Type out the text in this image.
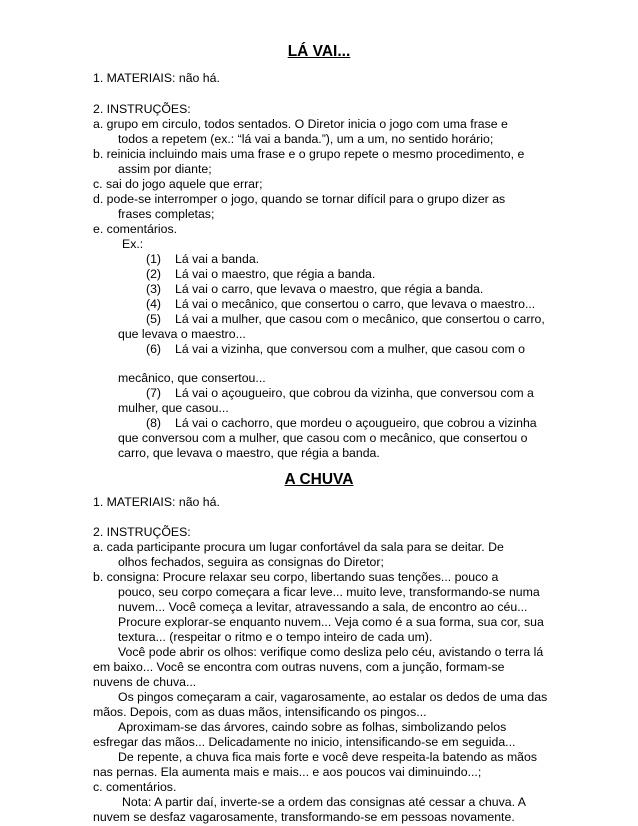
LÁ VAI...
1. MATERIAIS: não há.
2. INSTRUÇÕES:
a. grupo em circulo, todos sentados. O Diretor inicia o jogo com uma frase e
todos a repetem (ex.: “lá vai a banda.”), um a um, no sentido horário;
b. reinicia incluindo mais uma frase e o grupo repete o mesmo procedimento, e
assim por diante;
c. sai do jogo aquele que errar;
d. pode-se interromper o jogo, quando se tornar difícil para o grupo dizer as
frases completas;
e. comentários.
Ex.:
(1) Lá vai a banda.
(2) Lá vai o maestro, que régia a banda.
(3) Lá vai o carro, que levava o maestro, que régia a banda.
(4) Lá vai o mecânico, que consertou o carro, que levava o maestro...
(5) Lá vai a mulher, que casou com o mecânico, que consertou o carro,
que levava o maestro...
(6) Lá vai a vizinha, que conversou com a mulher, que casou com o
mecânico, que consertou...
(7) Lá vai o açougueiro, que cobrou da vizinha, que conversou com a
mulher, que casou...
(8) Lá vai o cachorro, que mordeu o açougueiro, que cobrou a vizinha
que conversou com a mulher, que casou com o mecânico, que consertou o
carro, que levava o maestro, que régia a banda.
A CHUVA
1. MATERIAIS: não há.
2. INSTRUÇÕES:
a. cada participante procura um lugar confortável da sala para se deitar. De
olhos fechados, seguira as consignas do Diretor;
b. consigna: Procure relaxar seu corpo, libertando suas tenções... pouco a
pouco, seu corpo começara a ficar leve... muito leve, transformando-se numa
nuvem... Você começa a levitar, atravessando a sala, de encontro ao céu...
Procure explorar-se enquanto nuvem... Veja como é a sua forma, sua cor, sua
textura... (respeitar o ritmo e o tempo inteiro de cada um).
Você pode abrir os olhos: verifique como desliza pelo céu, avistando o terra lá
em baixo... Você se encontra com outras nuvens, com a junção, formam-se
nuvens de chuva...
Os pingos começaram a cair, vagarosamente, ao estalar os dedos de uma das
mãos. Depois, com as duas mãos, intensificando os pingos...
Aproximam-se das árvores, caindo sobre as folhas, simbolizando pelos
esfregar das mãos... Delicadamente no inicio, intensificando-se em seguida...
De repente, a chuva fica mais forte e você deve respeita-la batendo as mãos
nas pernas. Ela aumenta mais e mais... e aos poucos vai diminuindo...;
c. comentários.
Nota: A partir daí, inverte-se a ordem das consignas até cessar a chuva. A
nuvem se desfaz vagarosamente, transformando-se em pessoas novamente.
